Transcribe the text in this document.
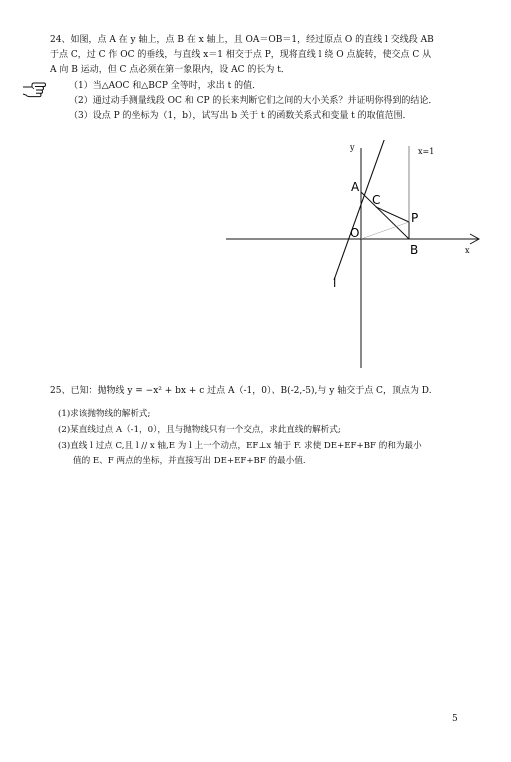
24、如图，点 A 在 y 轴上，点 B 在 x 轴上，且 OA＝OB＝1，经过原点 O 的直线 l 交线段 AB
于点 C，过 C 作 OC 的垂线，与直线 x＝1 相交于点 P，现将直线 l 绕 O 点旋转，使交点 C 从
A 向 B 运动，但 C 点必须在第一象限内，设 AC 的长为 t．
（1）当△AOC 和△BCP 全等时，求出 t 的值．
（2）通过动手测量线段 OC 和 CP 的长来判断它们之间的大小关系？并证明你得到的结论．
（3）设点 P 的坐标为（1，b），试写出 b 关于 t 的函数关系式和变量 t 的取值范围．
y	x=1
x
A
C
P
O
B
l
25、已知：抛物线 y = −x² + bx + c 过点 A（-1，0）、B(-2,-5),与 y 轴交于点 C，顶点为 D.
(1)求该抛物线的解析式;
(2)某直线过点 A（-1，0），且与抛物线只有一个交点，求此直线的解析式;
(3)直线 l 过点 C,且 l // x 轴,E 为 l 上一个动点，EF⊥x 轴于 F. 求使 DE+EF+BF 的和为最小
值的 E、F 两点的坐标，并直接写出 DE+EF+BF 的最小值.
5
